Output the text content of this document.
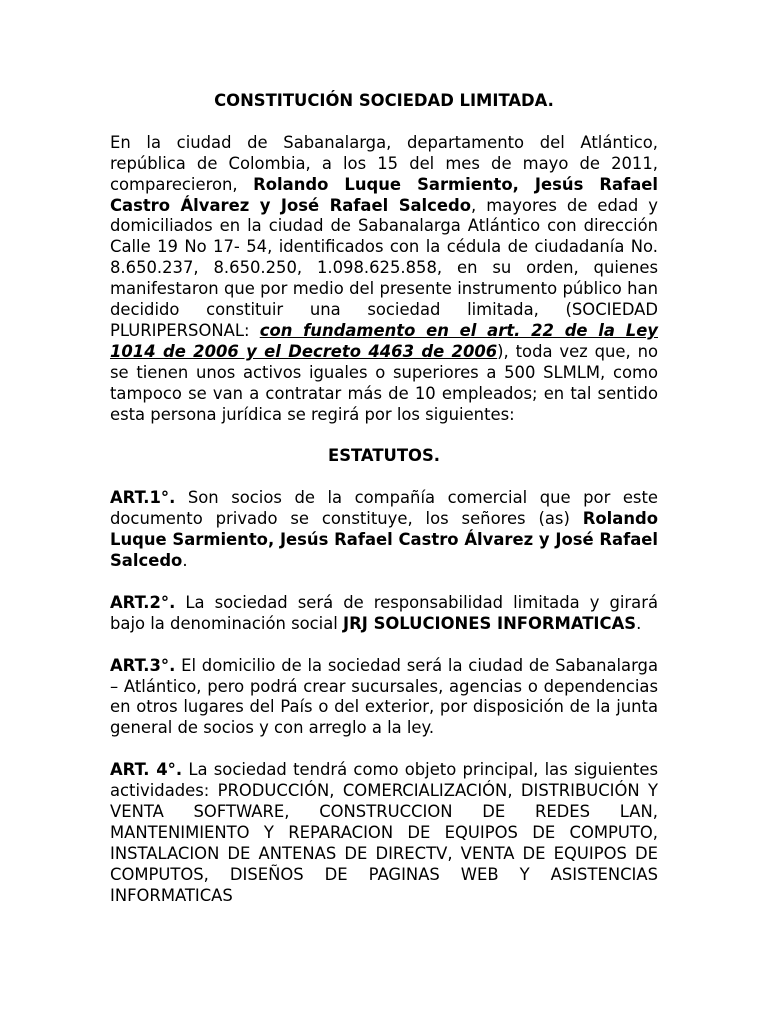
CONSTITUCIÓN SOCIEDAD LIMITADA.

En la ciudad de Sabanalarga, departamento del Atlántico, república de Colombia, a los 15 del mes de mayo de 2011, comparecieron, Rolando Luque Sarmiento, Jesús Rafael Castro Álvarez y José Rafael Salcedo, mayores de edad y domiciliados en la ciudad de Sabanalarga Atlántico con dirección Calle 19 No 17- 54, identificados con la cédula de ciudadanía No. 8.650.237, 8.650.250, 1.098.625.858, en su orden, quienes manifestaron que por medio del presente instrumento público han decidido constituir una sociedad limitada, (SOCIEDAD PLURIPERSONAL: con fundamento en el art. 22 de la Ley 1014 de 2006 y el Decreto 4463 de 2006), toda vez que, no se tienen unos activos iguales o superiores a 500 SLMLM, como tampoco se van a contratar más de 10 empleados; en tal sentido esta persona jurídica se regirá por los siguientes:

ESTATUTOS.

ART.1°. Son socios de la compañía comercial que por este documento privado se constituye, los señores (as) Rolando Luque Sarmiento, Jesús Rafael Castro Álvarez y José Rafael Salcedo.

ART.2°. La sociedad será de responsabilidad limitada y girará bajo la denominación social JRJ SOLUCIONES INFORMATICAS.

ART.3°. El domicilio de la sociedad será la ciudad de Sabanalarga – Atlántico, pero podrá crear sucursales, agencias o dependencias en otros lugares del País o del exterior, por disposición de la junta general de socios y con arreglo a la ley.

ART. 4°. La sociedad tendrá como objeto principal, las siguientes actividades: PRODUCCIÓN, COMERCIALIZACIÓN, DISTRIBUCIÓN Y VENTA SOFTWARE, CONSTRUCCION DE REDES LAN, MANTENIMIENTO Y REPARACION DE EQUIPOS DE COMPUTO, INSTALACION DE ANTENAS DE DIRECTV, VENTA DE EQUIPOS DE COMPUTOS, DISEÑOS DE PAGINAS WEB Y ASISTENCIAS INFORMATICAS
